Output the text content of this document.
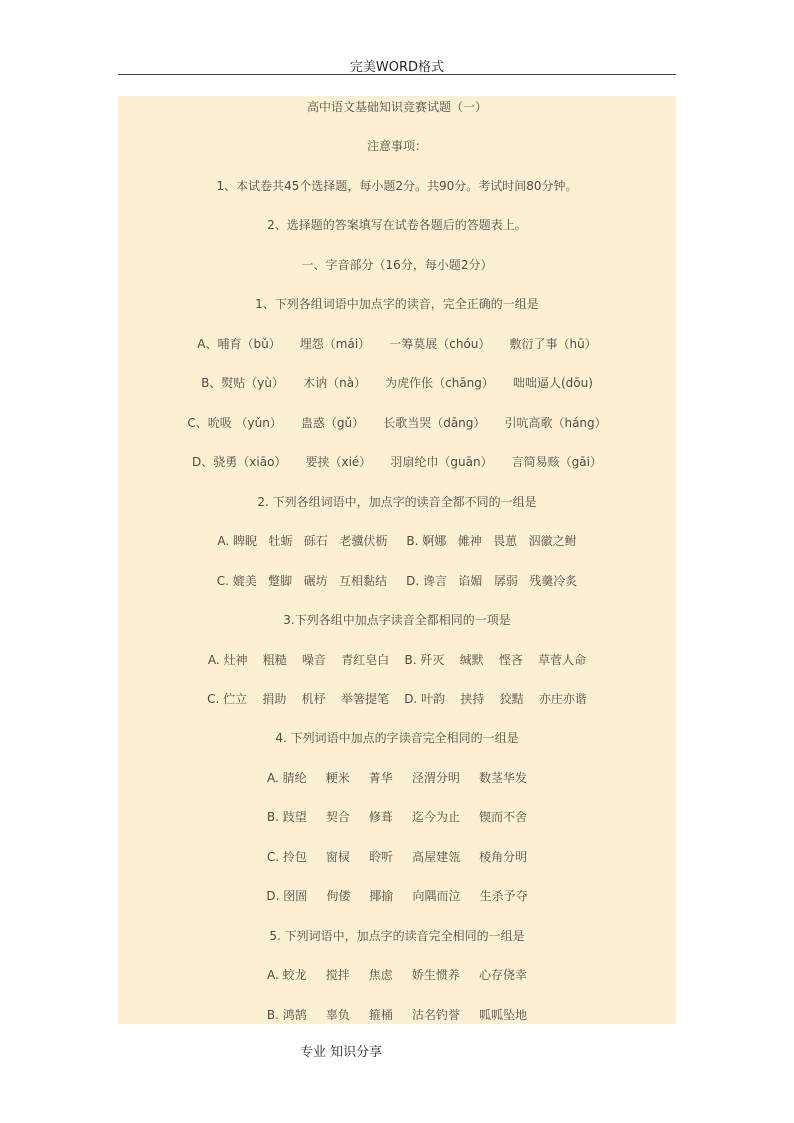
完美WORD格式
高中语文基础知识竞赛试题（一）
注意事项：
1、本试卷共45个选择题，每小题2分。共90分。考试时间80分钟。
2、选择题的答案填写在试卷各题后的答题表上。
一、字音部分（16分，每小题2分）
1、下列各组词语中加点字的读音，完全正确的一组是
A、哺育（bǔ）     埋怨（mái）     一筹莫展（chóu）     敷衍了事（hū）
B、熨贴（yù）     木讷（nà）     为虎作伥（chāng）     咄咄逼人(dōu)
C、吮吸 （yǔn）     蛊惑（gǔ）     长歌当哭（dāng）     引吭高歌（háng）
D、骁勇（xiāo）     要挟（xié）     羽扇纶巾（guān）     言简易赅（gāi）
2. 下列各组词语中，加点字的读音全都不同的一组是
A. 睥睨   牡蛎   砾石   老骥伏枥     B. 婀娜   傩神   畏葸   泅徽之鲋
C. 媲美   蹩脚   碾坊   互相黏结     D. 谗言   谄媚   孱弱   残羹冷炙
3.下列各组中加点字读音全都相同的一项是
A. 灶神    粗糙    噪音    青红皂白    B. 歼灭    缄默    悭吝    草菅人命
C. 伫立    捐助    机杼    举箸提笔    D. 叶韵    挟持    狡黠    亦庄亦谐
4. 下列词语中加点的字读音完全相同的一组是
A. 腈纶     粳米     菁华     泾渭分明     数茎华发
B. 跂望     契合     修葺     迄今为止     锲而不舍
C. 拎包     窗棂     聆听     高屋建瓴     棱角分明
D. 囹圄     佝偻     揶揄     向隅而泣     生杀予夺
5. 下列词语中，加点字的读音完全相同的一组是
A. 蛟龙     搅拌     焦虑     娇生惯养     心存侥幸
B. 鸿鹄     辜负     箍桶     沽名钓誉     呱呱坠地
专业 知识分享
